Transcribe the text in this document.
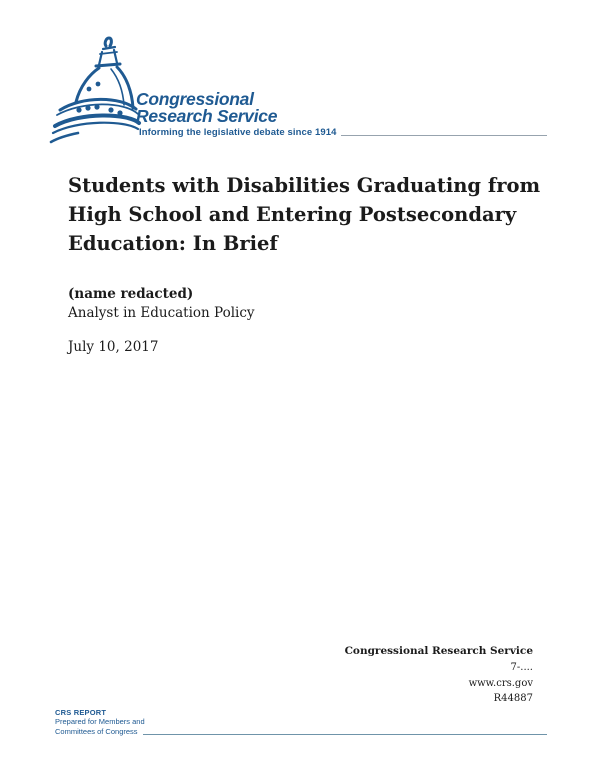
Congressional
Research Service
Informing the legislative debate since 1914
Students with Disabilities Graduating from
High School and Entering Postsecondary
Education: In Brief
(name redacted)
Analyst in Education Policy
July 10, 2017
Congressional Research Service
7-....
www.crs.gov
R44887
CRS REPORT
Prepared for Members and
Committees of Congress
